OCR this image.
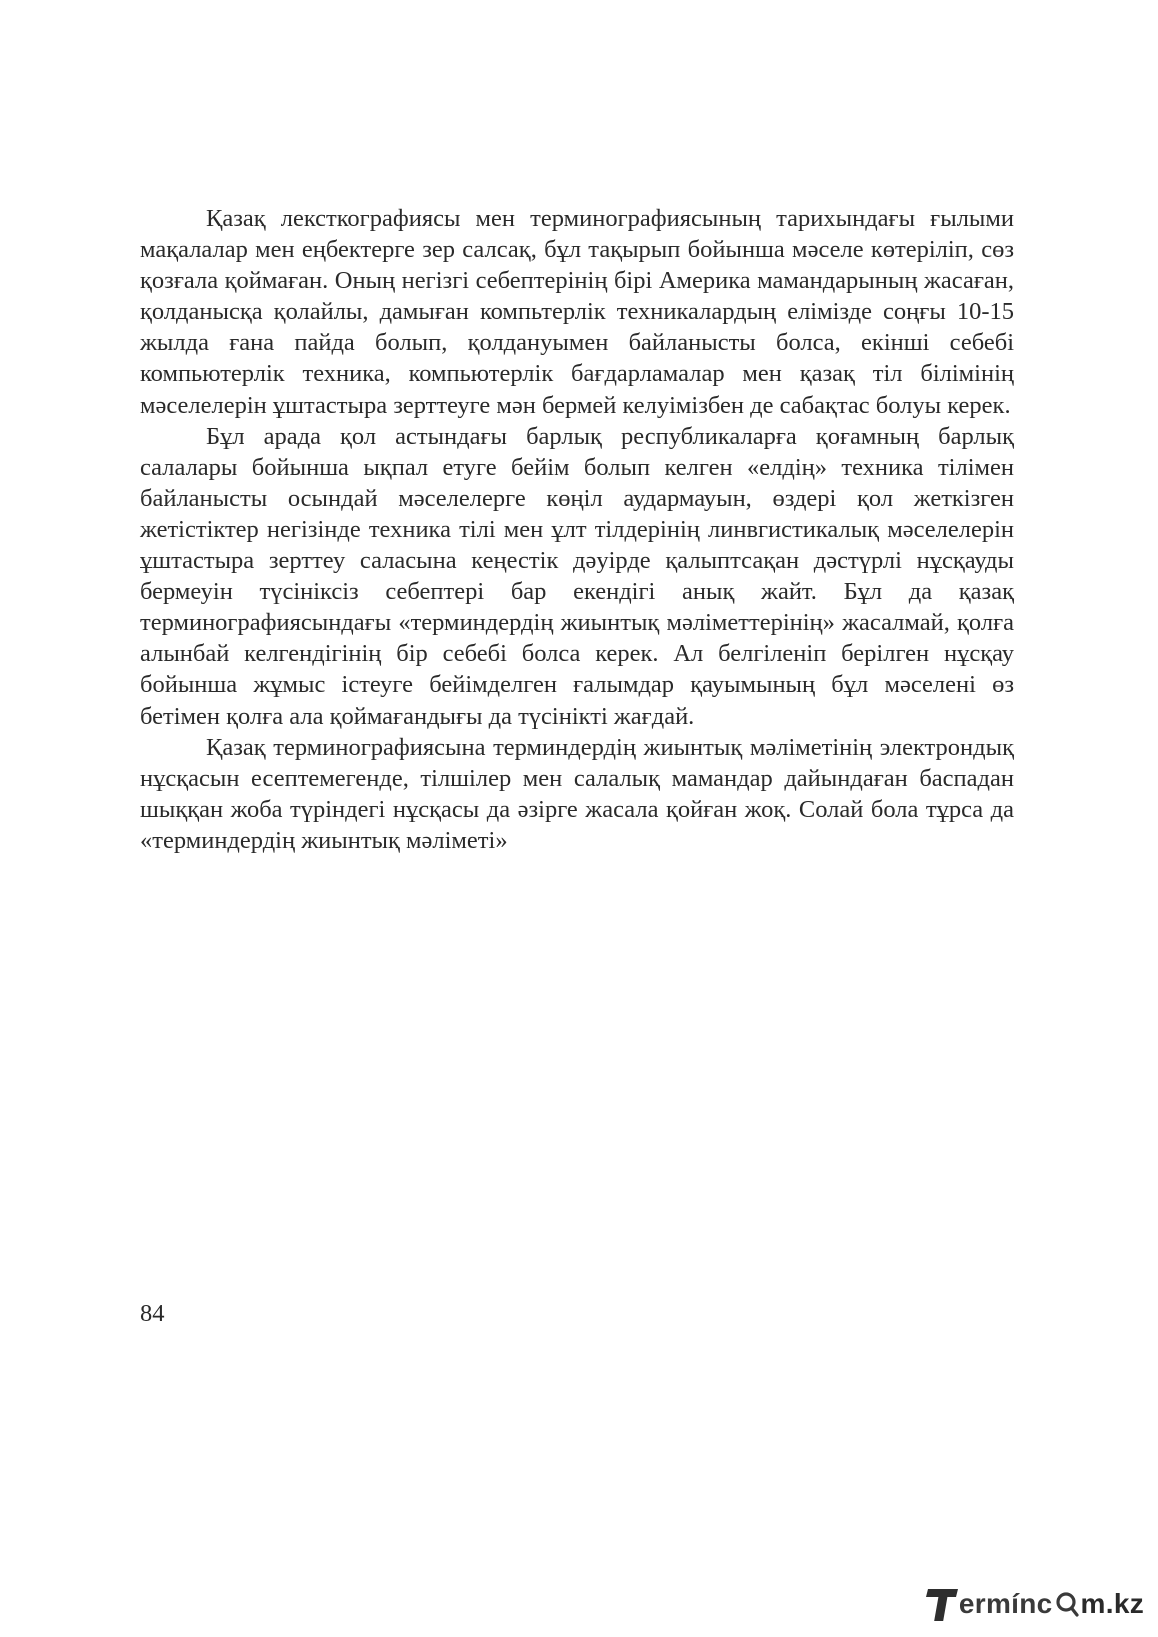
Қазақ лексткографиясы мен терминографиясының тарихындағы ғылыми мақалалар мен еңбектерге зер салсақ, бұл тақырып бойынша мәселе көтеріліп, сөз қозғала қоймаған. Оның негізгі себептерінің бірі Америка мамандарының жасаған, қолданысқа қолайлы, дамыған компьтерлік техникалардың елімізде соңғы 10-15 жылда ғана пайда болып, қолдануымен байланысты болса, екінші себебі компьютерлік техника, компьютерлік бағдарламалар мен қазақ тіл білімінің мәселелерін ұштастыра зерттеуге мән бермей келуімізбен де сабақтас болуы керек.

Бұл арада қол астындағы барлық республикаларға қоғамның барлық салалары бойынша ықпал етуге бейім болып келген «елдің» техника тілімен байланысты осындай мәселелерге көңіл аудармауын, өздері қол жеткізген жетістіктер негізінде техника тілі мен ұлт тілдерінің линвгистикалық мәселелерін ұштастыра зерттеу саласына кеңестік дәуірде қалыптсақан дәстүрлі нұсқауды бермеуін түсініксіз себептері бар екендігі анық жайт. Бұл да қазақ терминографиясындағы «терминдердің жиынтық мәліметтерінің» жасалмай, қолға алынбай келгендігінің бір себебі болса керек. Ал белгіленіп берілген нұсқау бойынша жұмыс істеуге бейімделген ғалымдар қауымының бұл мәселені өз бетімен қолға ала қоймағандығы да түсінікті жағдай.

Қазақ терминографиясына терминдердің жиынтық мәліметінің электрондық нұсқасын есептемегенде, тілшілер мен салалық мамандар дайындаған баспадан шыққан жоба түріндегі нұсқасы да әзірге жасала қойған жоқ. Солай бола тұрса да «терминдердің жиынтық мәліметі»

84
ermínc m.kz
